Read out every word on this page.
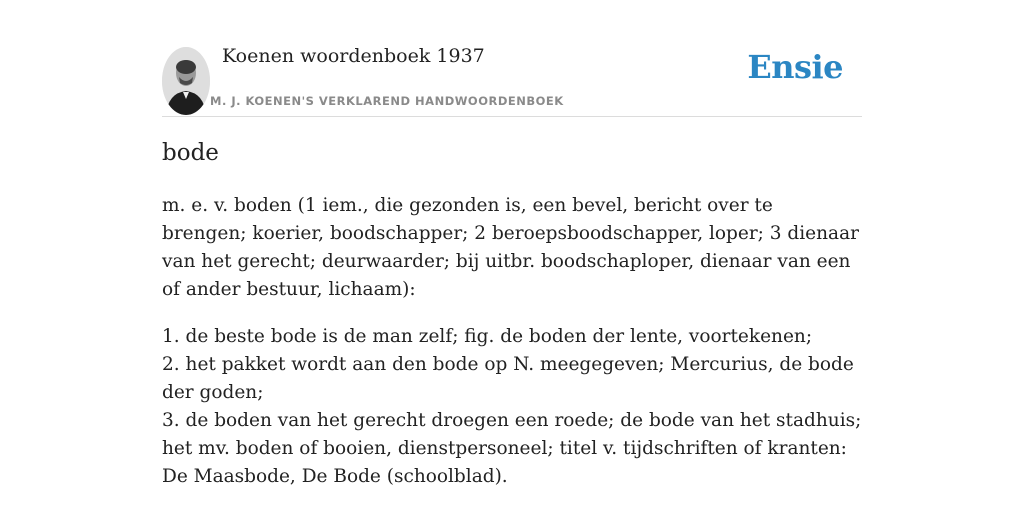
Koenen woordenboek 1937
M. J. KOENEN'S VERKLAREND HANDWOORDENBOEK
Ensie
bode

m. e. v. boden (1 iem., die gezonden is, een bevel, bericht over te brengen; koerier, boodschapper; 2 beroepsboodschapper, loper; 3 dienaar van het gerecht; deurwaarder; bij uitbr. boodschaploper, dienaar van een of ander bestuur, lichaam):

1. de beste bode is de man zelf; fig. de boden der lente, voortekenen;
2. het pakket wordt aan den bode op N. meegegeven; Mercurius, de bode der goden;
3. de boden van het gerecht droegen een roede; de bode van het stadhuis; het mv. boden of booien, dienstpersoneel; titel v. tijdschriften of kranten: De Maasbode, De Bode (schoolblad).
